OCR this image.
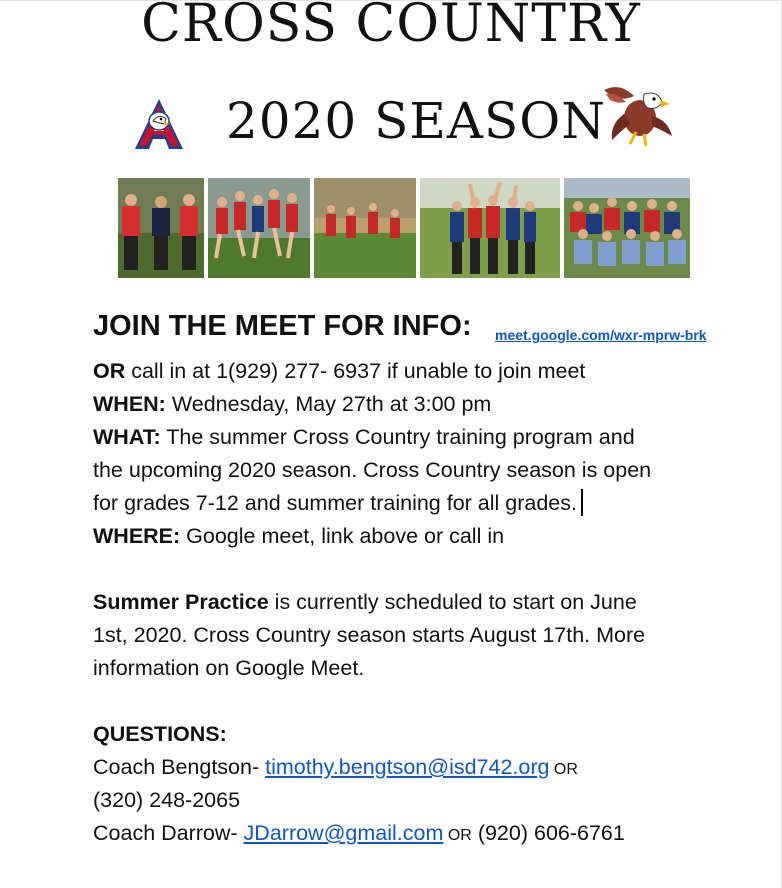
CROSS COUNTRY
2020 SEASON
JOIN THE MEET FOR INFO: meet.google.com/wxr-mprw-brk
OR call in at 1(929) 277- 6937 if unable to join meet
WHEN: Wednesday, May 27th at 3:00 pm
WHAT: The summer Cross Country training program and
the upcoming 2020 season. Cross Country season is open
for grades 7-12 and summer training for all grades.
WHERE: Google meet, link above or call in
Summer Practice is currently scheduled to start on June
1st, 2020. Cross Country season starts August 17th. More
information on Google Meet.
QUESTIONS:
Coach Bengtson- timothy.bengtson@isd742.org OR
(320) 248-2065
Coach Darrow- JDarrow@gmail.com OR (920) 606-6761
